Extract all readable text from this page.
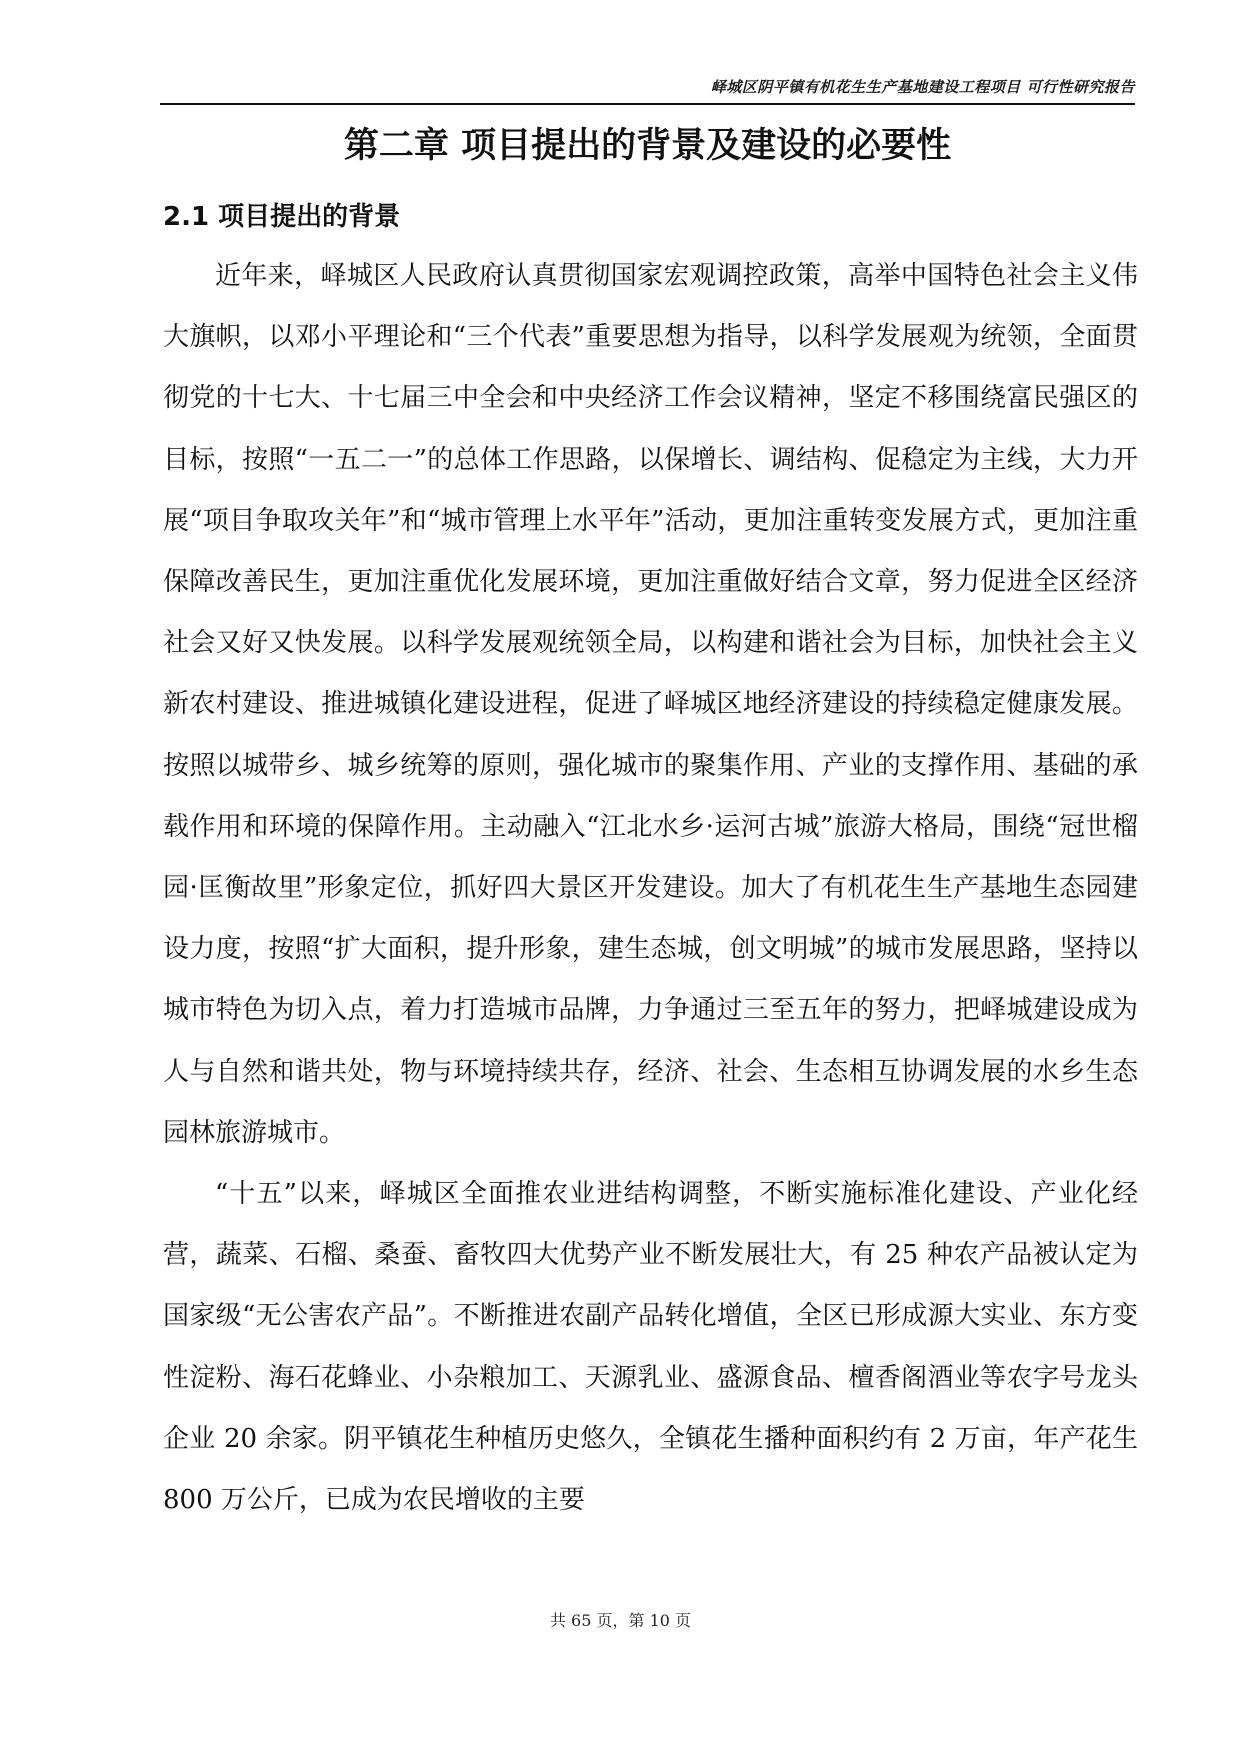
峄城区阴平镇有机花生生产基地建设工程项目 可行性研究报告
第二章 项目提出的背景及建设的必要性
2.1 项目提出的背景

近年来，峄城区人民政府认真贯彻国家宏观调控政策，高举中国特色社会主义伟大旗帜，以邓小平理论和“三个代表”重要思想为指导，以科学发展观为统领，全面贯彻党的十七大、十七届三中全会和中央经济工作会议精神，坚定不移围绕富民强区的目标，按照“一五二一”的总体工作思路，以保增长、调结构、促稳定为主线，大力开展“项目争取攻关年”和“城市管理上水平年”活动，更加注重转变发展方式，更加注重保障改善民生，更加注重优化发展环境，更加注重做好结合文章，努力促进全区经济社会又好又快发展。以科学发展观统领全局，以构建和谐社会为目标，加快社会主义新农村建设、推进城镇化建设进程，促进了峄城区地经济建设的持续稳定健康发展。按照以城带乡、城乡统筹的原则，强化城市的聚集作用、产业的支撑作用、基础的承载作用和环境的保障作用。主动融入“江北水乡·运河古城”旅游大格局，围绕“冠世榴园·匡衡故里”形象定位，抓好四大景区开发建设。加大了有机花生生产基地生态园建设力度，按照“扩大面积，提升形象，建生态城，创文明城”的城市发展思路，坚持以城市特色为切入点，着力打造城市品牌，力争通过三至五年的努力，把峄城建设成为人与自然和谐共处，物与环境持续共存，经济、社会、生态相互协调发展的水乡生态园林旅游城市。

“十五”以来，峄城区全面推农业进结构调整，不断实施标准化建设、产业化经营，蔬菜、石榴、桑蚕、畜牧四大优势产业不断发展壮大，有 25 种农产品被认定为国家级“无公害农产品”。不断推进农副产品转化增值，全区已形成源大实业、东方变性淀粉、海石花蜂业、小杂粮加工、天源乳业、盛源食品、檀香阁酒业等农字号龙头企业 20 余家。阴平镇花生种植历史悠久，全镇花生播种面积约有 2 万亩，年产花生 800 万公斤，已成为农民增收的主要

共 65 页，第 10 页
